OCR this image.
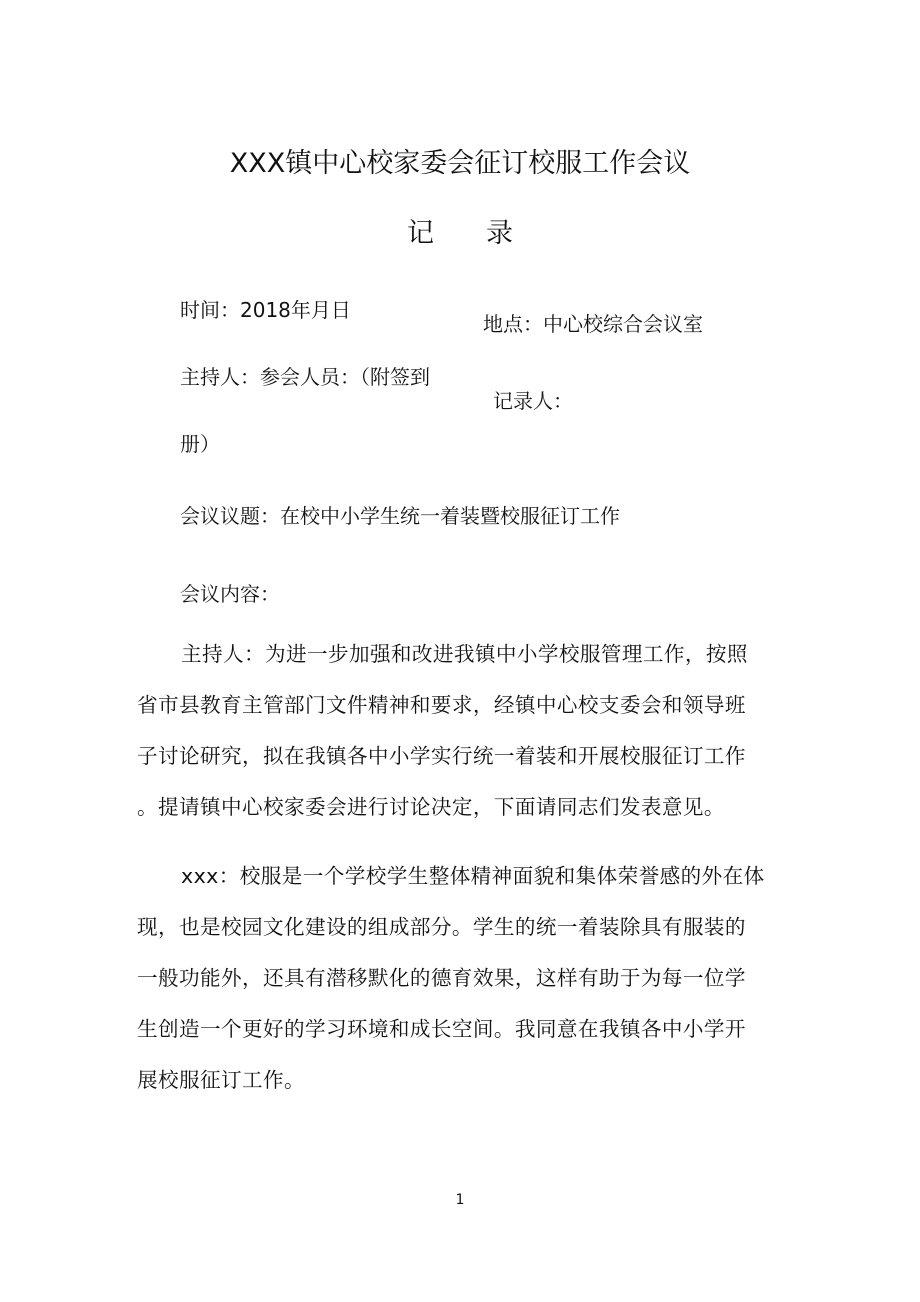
XXX镇中心校家委会征订校服工作会议
记 录
时间：2018年月日
地点：中心校综合会议室
主持人：参会人员：（附签到
记录人：
册）
会议议题：在校中小学生统一着装暨校服征订工作
会议内容：
主持人：为进一步加强和改进我镇中小学校服管理工作，按照
省市县教育主管部门文件精神和要求，经镇中心校支委会和领导班
子讨论研究，拟在我镇各中小学实行统一着装和开展校服征订工作
。提请镇中心校家委会进行讨论决定，下面请同志们发表意见。
xxx：校服是一个学校学生整体精神面貌和集体荣誉感的外在体
现，也是校园文化建设的组成部分。学生的统一着装除具有服装的
一般功能外，还具有潜移默化的德育效果，这样有助于为每一位学
生创造一个更好的学习环境和成长空间。我同意在我镇各中小学开
展校服征订工作。
1
